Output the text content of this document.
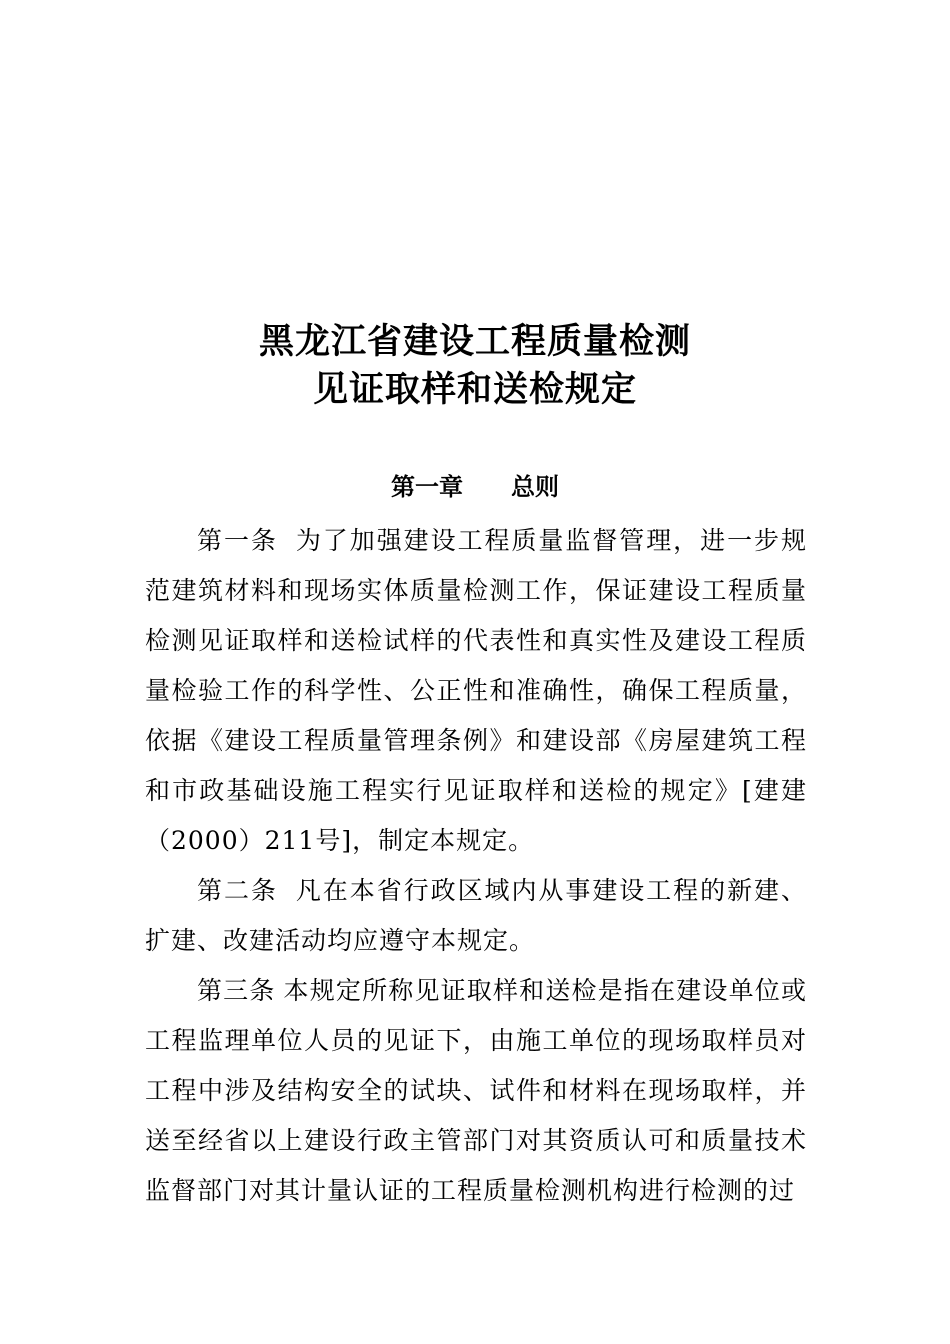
黑龙江省建设工程质量检测
见证取样和送检规定
第一章 总则

第一条 为了加强建设工程质量监督管理，进一步规范建筑材料和现场实体质量检测工作，保证建设工程质量检测见证取样和送检试样的代表性和真实性及建设工程质量检验工作的科学性、公正性和准确性，确保工程质量，依据《建设工程质量管理条例》和建设部《房屋建筑工程和市政基础设施工程实行见证取样和送检的规定》[建建（2000）211号]，制定本规定。

第二条 凡在本省行政区域内从事建设工程的新建、扩建、改建活动均应遵守本规定。

第三条 本规定所称见证取样和送检是指在建设单位或工程监理单位人员的见证下，由施工单位的现场取样员对工程中涉及结构安全的试块、试件和材料在现场取样，并送至经省以上建设行政主管部门对其资质认可和质量技术监督部门对其计量认证的工程质量检测机构进行检测的过
